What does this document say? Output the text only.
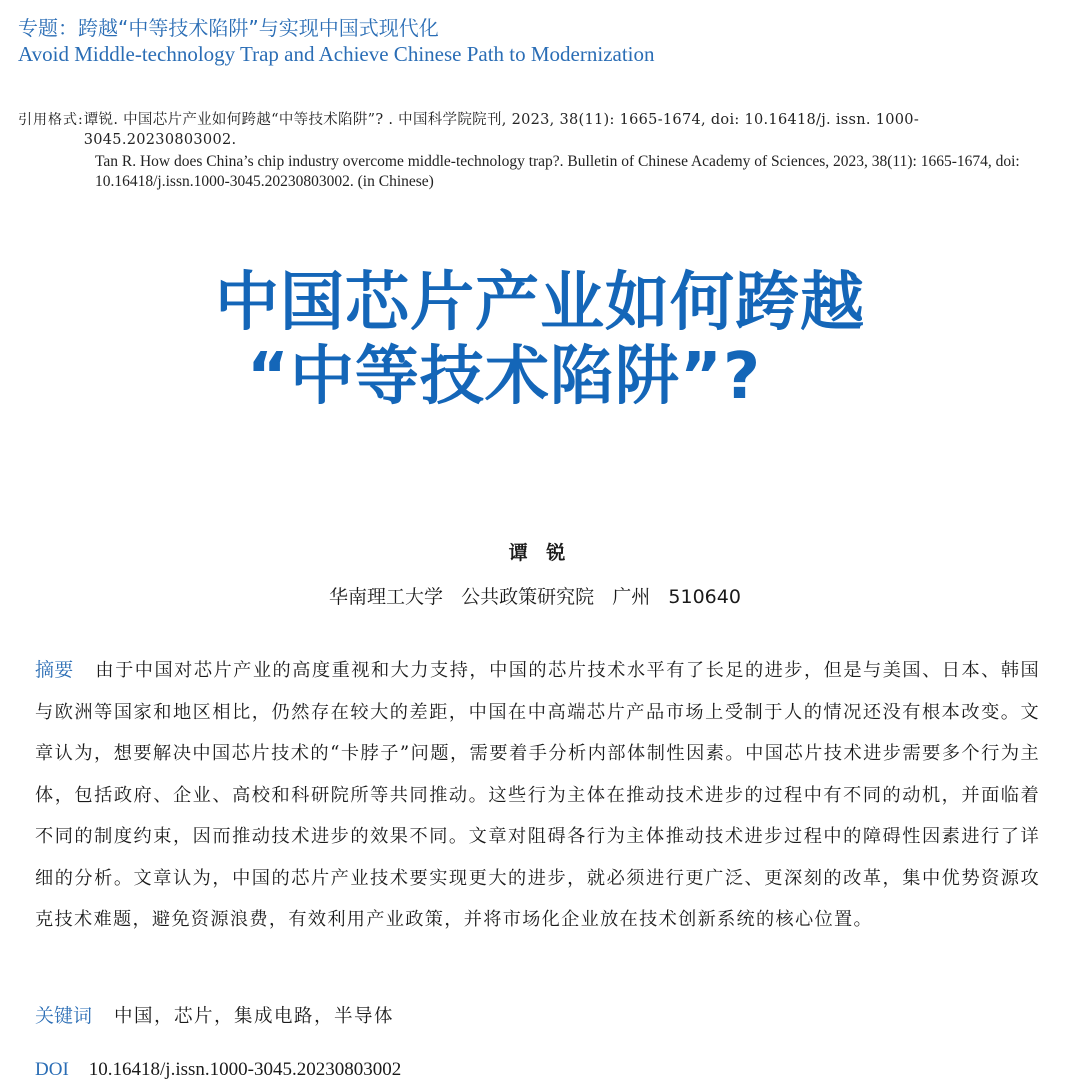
专题：跨越“中等技术陷阱”与实现中国式现代化
Avoid Middle-technology Trap and Achieve Chinese Path to Modernization
引用格式: 谭锐. 中国芯片产业如何跨越“中等技术陷阱”? . 中国科学院院刊, 2023, 38(11): 1665-1674, doi: 10.16418/j. issn. 1000-3045.20230803002.
Tan R. How does China’s chip industry overcome middle-technology trap?. Bulletin of Chinese Academy of Sciences, 2023, 38(11): 1665-1674, doi: 10.16418/j.issn.1000-3045.20230803002. (in Chinese)
中国芯片产业如何跨越
“中等技术陷阱”?
谭 锐
华南理工大学   公共政策研究院   广州   510640
摘要 由于中国对芯片产业的高度重视和大力支持，中国的芯片技术水平有了长足的进步，但是与美国、日本、韩国与欧洲等国家和地区相比，仍然存在较大的差距，中国在中高端芯片产品市场上受制于人的情况还没有根本改变。文章认为，想要解决中国芯片技术的“卡脖子”问题，需要着手分析内部体制性因素。中国芯片技术进步需要多个行为主体，包括政府、企业、高校和科研院所等共同推动。这些行为主体在推动技术进步的过程中有不同的动机，并面临着不同的制度约束，因而推动技术进步的效果不同。文章对阻碍各行为主体推动技术进步过程中的障碍性因素进行了详细的分析。文章认为，中国的芯片产业技术要实现更大的进步，就必须进行更广泛、更深刻的改革，集中优势资源攻克技术难题，避免资源浪费，有效利用产业政策，并将市场化企业放在技术创新系统的核心位置。
关键词 中国，芯片，集成电路，半导体
DOI 10.16418/j.issn.1000-3045.20230803002
